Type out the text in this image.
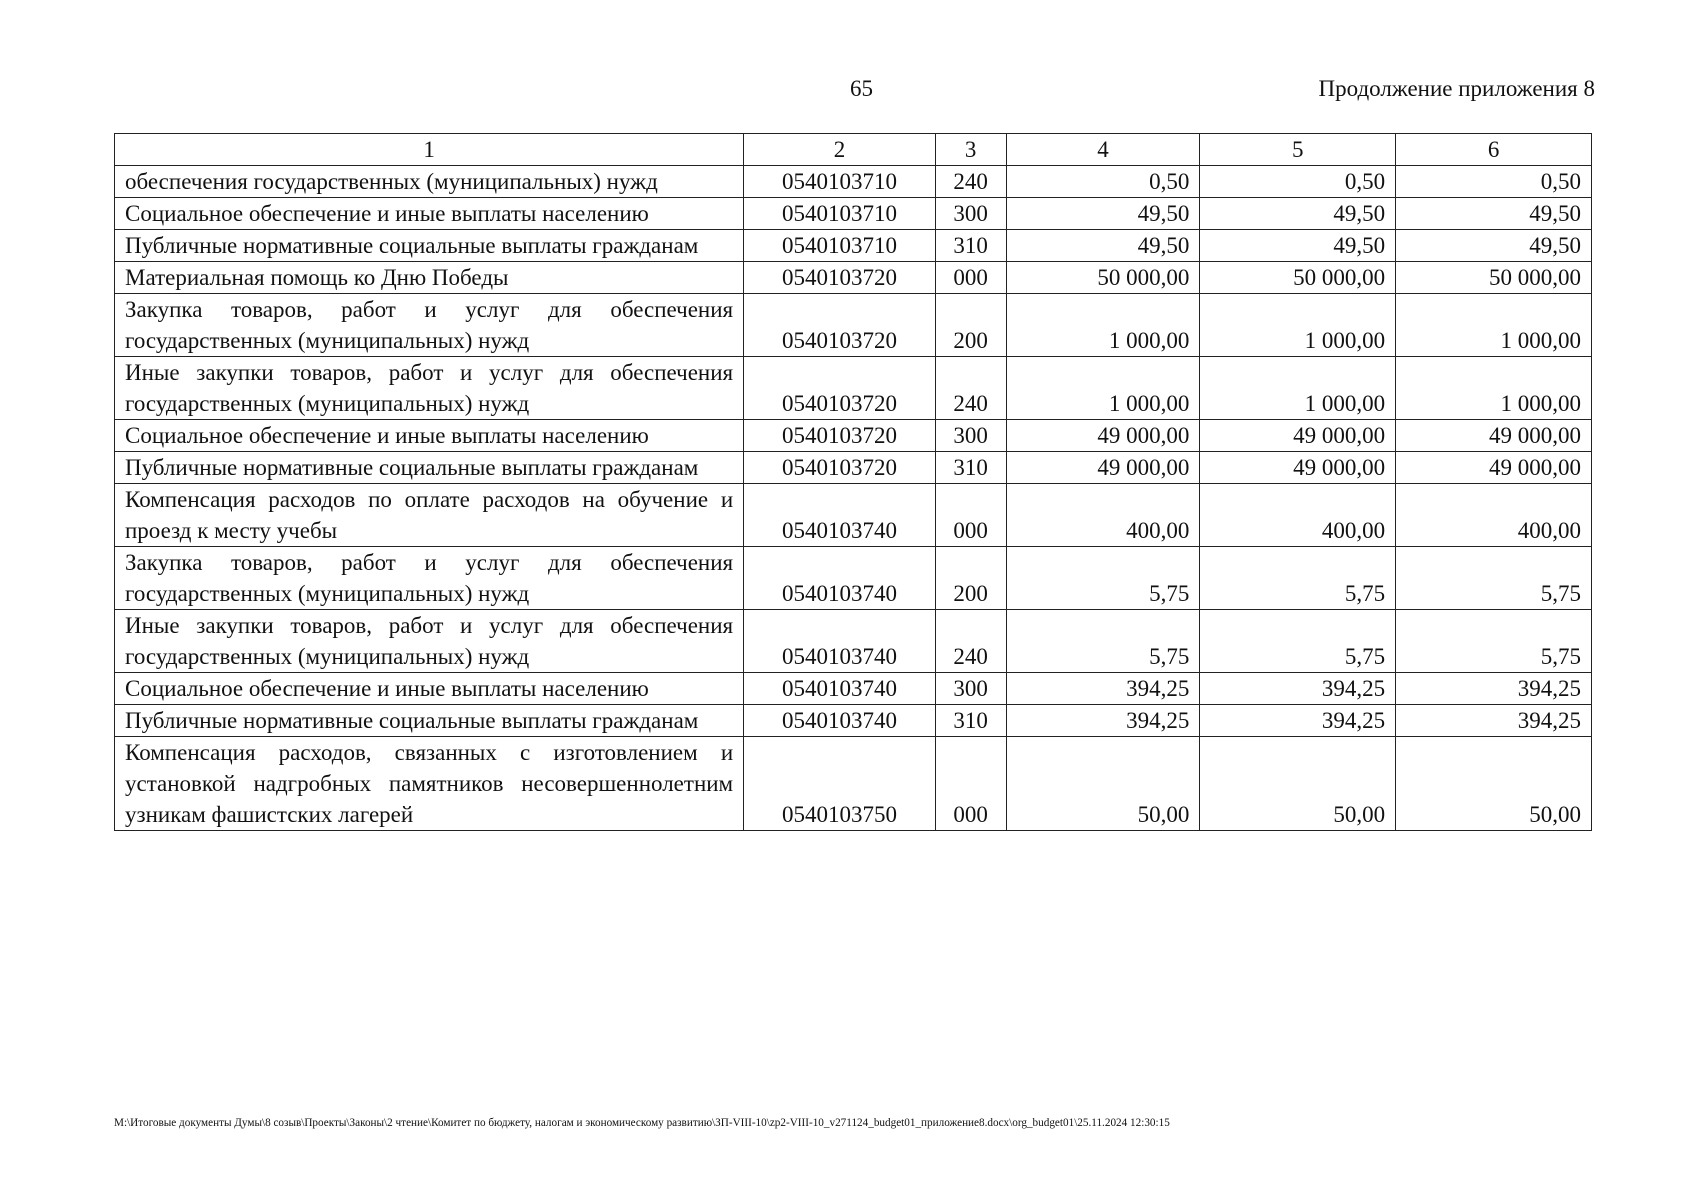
65	Продолжение приложения 8
1	2	3	4	5	6
обеспечения государственных (муниципальных) нужд	0540103710	240	0,50	0,50	0,50
Социальное обеспечение и иные выплаты населению	0540103710	300	49,50	49,50	49,50
Публичные нормативные социальные выплаты гражданам	0540103710	310	49,50	49,50	49,50
Материальная помощь ко Дню Победы	0540103720	000	50 000,00	50 000,00	50 000,00
Закупка товаров, работ и услуг для обеспечения государственных (муниципальных) нужд	0540103720	200	1 000,00	1 000,00	1 000,00
Иные закупки товаров, работ и услуг для обеспечения государственных (муниципальных) нужд	0540103720	240	1 000,00	1 000,00	1 000,00
Социальное обеспечение и иные выплаты населению	0540103720	300	49 000,00	49 000,00	49 000,00
Публичные нормативные социальные выплаты гражданам	0540103720	310	49 000,00	49 000,00	49 000,00
Компенсация расходов по оплате расходов на обучение и проезд к месту учебы	0540103740	000	400,00	400,00	400,00
Закупка товаров, работ и услуг для обеспечения государственных (муниципальных) нужд	0540103740	200	5,75	5,75	5,75
Иные закупки товаров, работ и услуг для обеспечения государственных (муниципальных) нужд	0540103740	240	5,75	5,75	5,75
Социальное обеспечение и иные выплаты населению	0540103740	300	394,25	394,25	394,25
Публичные нормативные социальные выплаты гражданам	0540103740	310	394,25	394,25	394,25
Компенсация расходов, связанных с изготовлением и установкой надгробных памятников несовершеннолетним узникам фашистских лагерей	0540103750	000	50,00	50,00	50,00
M:\Итоговые документы Думы\8 созыв\Проекты\Законы\2 чтение\Комитет по бюджету, налогам и экономическому развитию\ЗП-VIII-10\zp2-VIII-10_v271124_budget01_приложение8.docx\org_budget01\25.11.2024 12:30:15
